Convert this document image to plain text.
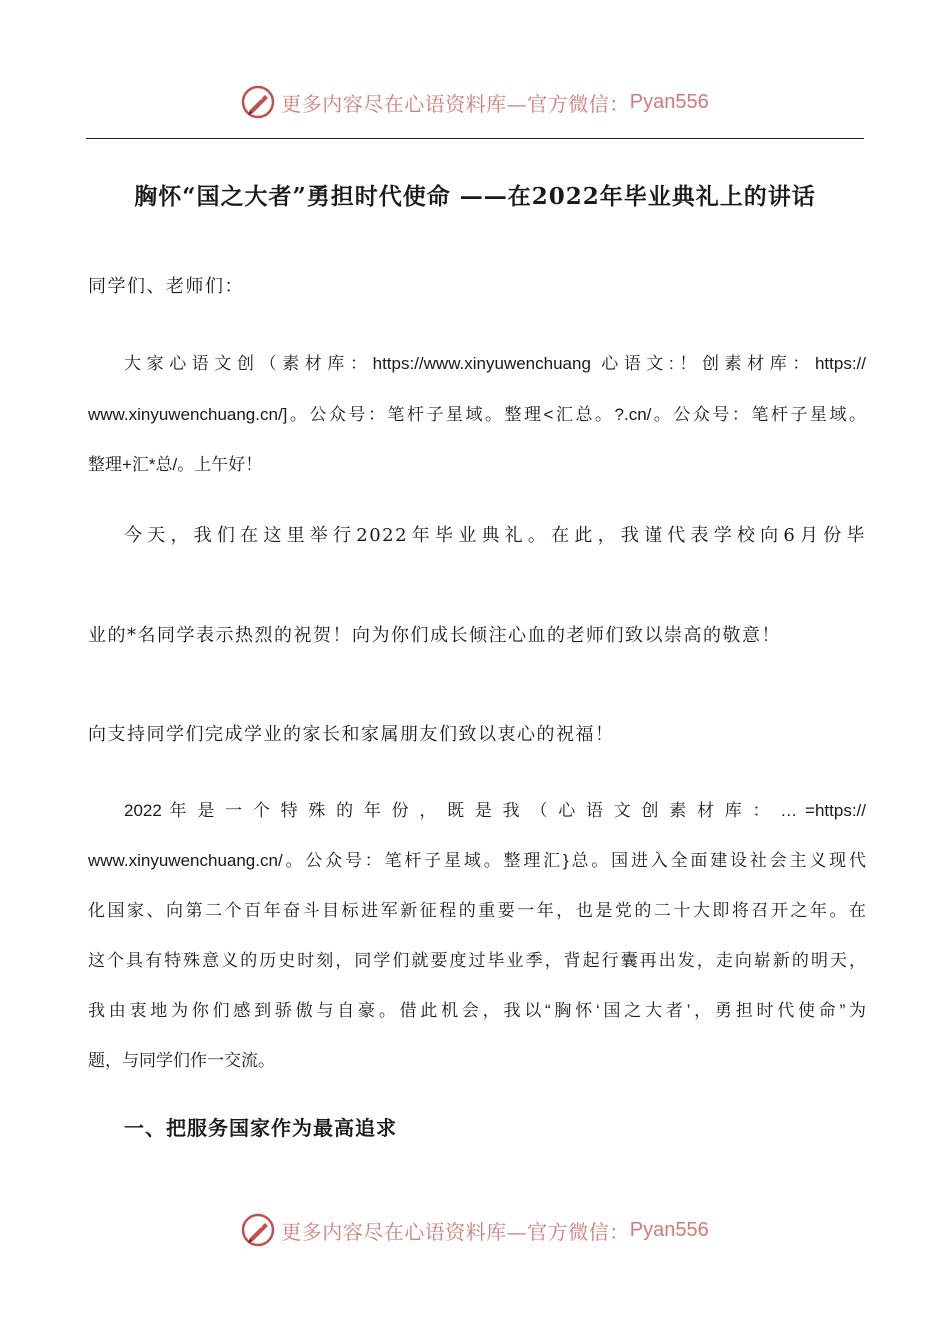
更多内容尽在心语资料库—官方微信： Pyan556
胸怀“国之大者”勇担时代使命 ——在2022年毕业典礼上的讲话
同学们、老师们：
大家心语文创（素材库：https://www.xinyuwenchuang 心语文:！创素材库：https://
www.xinyuwenchuang.cn/]。公众号：笔杆子星域。整理<汇总。?.cn/。公众号：笔杆子星域。
整理+汇*总/。上午好！
今天，我们在这里举行2022年毕业典礼。在此，我谨代表学校向6月份毕
业的*名同学表示热烈的祝贺！向为你们成长倾注心血的老师们致以崇高的敬意！
向支持同学们完成学业的家长和家属朋友们致以衷心的祝福！
2022 年 是 一 个 特 殊 的 年 份 ， 既 是 我 （ 心 语 文 创 素 材 库 ： … =https://
www.xinyuwenchuang.cn/。公众号：笔杆子星域。整理汇}总。国进入全面建设社会主义现代
化国家、向第二个百年奋斗目标进军新征程的重要一年，也是党的二十大即将召开之年。在
这个具有特殊意义的历史时刻，同学们就要度过毕业季，背起行囊再出发，走向崭新的明天，
我由衷地为你们感到骄傲与自豪。借此机会，我以“胸怀‘国之大者’，勇担时代使命”为
题，与同学们作一交流。
一、把服务国家作为最高追求
更多内容尽在心语资料库—官方微信： Pyan556
